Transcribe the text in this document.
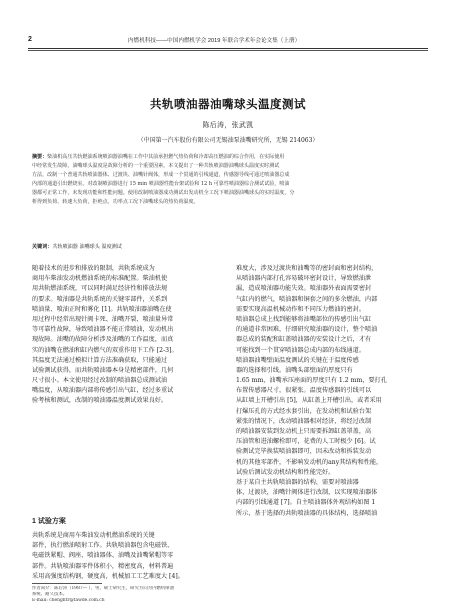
2	内燃机科技——中国内燃机学会 2019 年联合学术年会论文集（上册）
共轨喷油器油嘴球头温度测试
陈后涛，张武凯
（中国第一汽车股份有限公司无锡油泵油嘴研究所，无锡 214063）
摘要：柴油机高压共轨燃油系统喷油器油嘴在工作中其前承担燃气热负荷和冷却高压燃油的综合作用，在实际使用
中经常发生故障，油嘴球头温度是故障分析的一个重要因素。本文提出了一种共轨喷油器油嘴球头温度实时测试
方法，改制一个普通共轨喷油器体、过渡块、油嘴针阀体，形成一个贯通的引线通道，传感器导线可通过喷油器总成
内部的通道引出燃烧室。对改制喷油器进行 15 min 喷油器性能台架试验和 12 h 可靠性喷油器综合测试试验，喷油
器都可正常工作，未发现功能和性能问题。使用改制喷油器成功测试出发动机全工况下喷油器油嘴球头的实时温度，分
析得到负荷、转速大负荷，拒绝点，功率点工况下油嘴球头的热负荷温度。
关键词：共轨喷油器 油嘴球头 温度测试
随着技术的进步和排放的限制，共轨系统成为
商用车柴油发动机燃油系统的标准配置。柴油机使
用共轨燃油系统，可以同时满足经济性和排放法规
的要求。喷油器是共轨系统的关键零部件，关系到
喷油量、喷油正时和雾化 [1]。共轨喷油器油嘴在使
用过程中经常出现针阀卡死、油嘴开裂、喷油量异常
等可靠性故障，导致喷油器不能正常喷油，发动机出
现故障。油嘴的故障分析涉及油嘴的工作温度，而真
实的油嘴在燃油和缸内燃气的双重作用下工作 [2-3]。
其温度无法通过模拟计算方法准确获取，只能通过
试验测试获得，而共轨喷油器本身是精密部件，几何
尺寸很小。本文使用经过改制的喷油器总成测试油
嘴温度，从喷油器内部将传感引出气缸，经过多重试
验考核和测试，改制的喷油器温度测试效果良好。
1 试验方案
共轨系统是商用车柴油发动机燃油系统的关键
部件，执行燃油喷射工作。共轨喷油器包含电磁铁、
电磁铁紧帽、阀座、喷油器体、油嘴及油嘴紧帽等零
部件。共轨喷油器零件体积小，精密度高，材料普遍
采用高强度结构钢，硬度高，机械加工工艺难度大 [4]。
作者简介：陈后涛（1987— ），男，硕士研究生，研究方向为内燃机喷油
系统、耐久技术。
E-mail: chenghtr@fawde.com.cn
难度大，涉及过渡块和油嘴等的密封面和密封结构，
从喷油器内部打孔容易破坏密封设计，导致燃油泄
漏，造成喷油器功能失效。喷油器外表面需要密封
气缸内的燃气，喷油器和铜套之间的多余燃油，内部
需要实现高温机械动作和不同压力燃油的密封。
喷油器总成上找到能够将油嘴部位的传感引出气缸
的通道非常困难，仔细研究喷油器的设计，整个喷油
器总成的装配和缸盖喷油器的安装设计之后，才有
可能找到一个贯穿喷油器总成内部的布线通道。
喷油器油嘴壁面温度测试的关键在于温度传感
器的选择和引线。油嘴头部壁面的厚度只有
1.65 mm，油嘴承压座面的厚度只有 1.2 mm，要打孔
布置传感器尺寸，很紧张。温度传感器的引线可以
从缸墙上开槽引出 [5]，从缸盖上开槽引出，或者采用
打爆压孔的方式经水套引出，在发动机和试验台架
紧张的情况下，改动喷油器相对经济，将经过改制
的喷油器安装到发动机上只需要拆卸缸盖罩盖，高
压油管和进油螺栓即可，花费的人工时极少 [6]。试
验测试完毕换装喷油器即可，因未改动和拆装发动
机的其他零部件，不影响发动机的any其结构和性能，
试验后测试发动机结构和性能完好。
基于某自主共轨喷油器的结构，需要对喷油器
体，过渡块，油嘴针阀体进行改制，以实现喷油器体
内部的引线通道 [7]。自主喷油器体外观结构如图 1
所示，基于选择的共轨喷油器的具体结构，选择喷油
